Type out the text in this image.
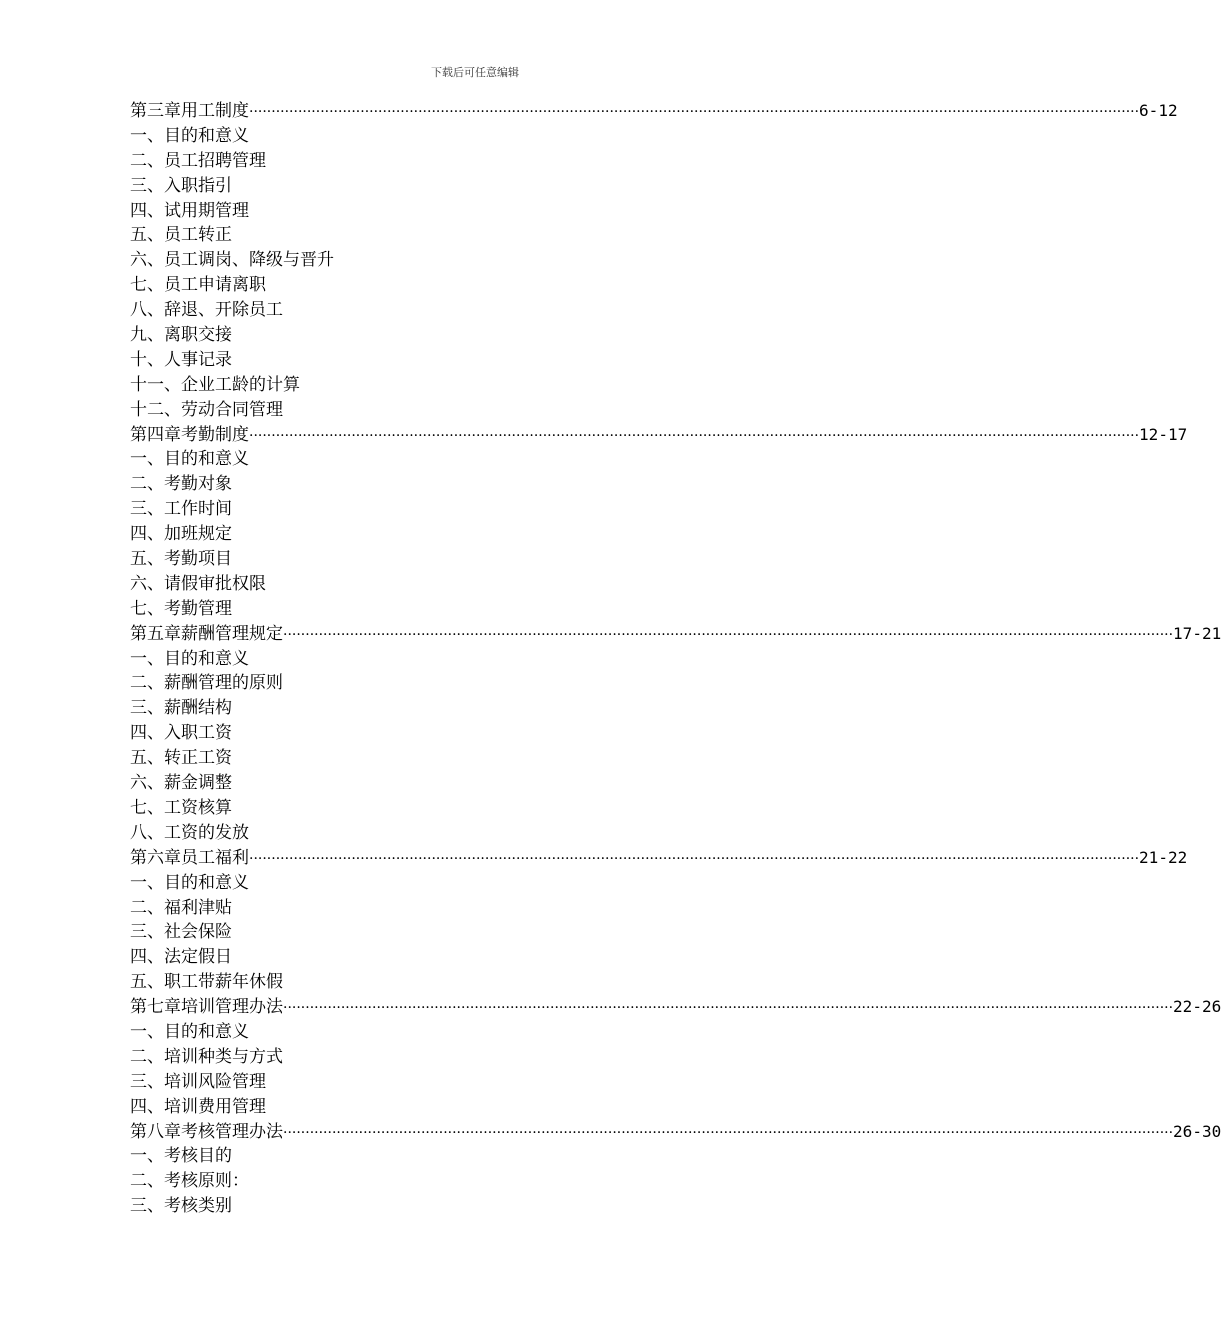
下载后可任意编辑
第三章 用工制度 ········································································································································································································ 6-12
一、目的和意义
二、员工招聘管理
三、入职指引
四、试用期管理
五、员工转正
六、员工调岗、降级与晋升
七、员工申请离职
八、辞退、开除员工
九、离职交接
十、人事记录
十一、企业工龄的计算
十二、劳动合同管理
第四章 考勤制度 ········································································································································································································ 12-17
一、目的和意义
二、考勤对象
三、工作时间
四、加班规定
五、考勤项目
六、请假审批权限
七、考勤管理
第五章 薪酬管理规定 ········································································································································································································ 17-21
一、目的和意义
二、薪酬管理的原则
三、薪酬结构
四、入职工资
五、转正工资
六、薪金调整
七、工资核算
八、工资的发放
第六章 员工福利 ········································································································································································································ 21-22
一、目的和意义
二、福利津贴
三、社会保险
四、法定假日
五、职工带薪年休假
第七章 培训管理办法 ········································································································································································································ 22-26
一、目的和意义
二、培训种类与方式
三、培训风险管理
四、培训费用管理
第八章 考核管理办法 ········································································································································································································ 26-30
一、考核目的
二、考核原则：
三、考核类别
